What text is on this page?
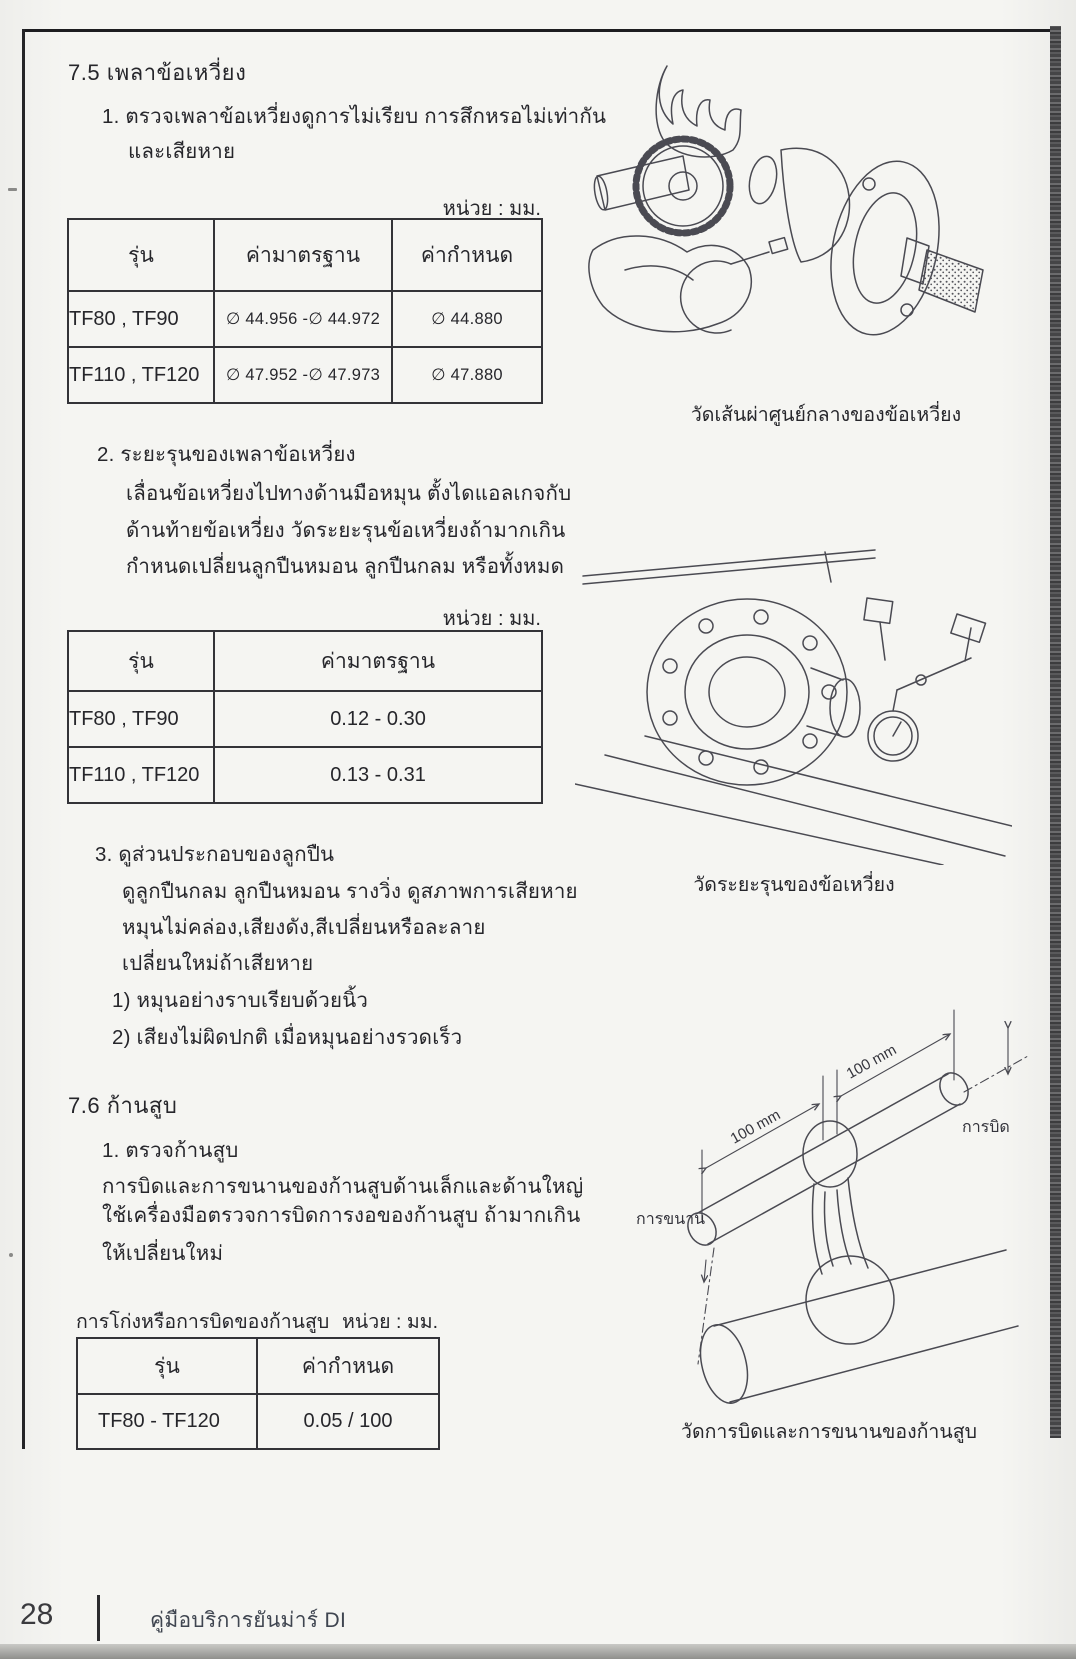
7.5 เพลาข้อเหวี่ยง
1. ตรวจเพลาข้อเหวี่ยงดูการไม่เรียบ การสึกหรอไม่เท่ากัน
และเสียหาย
หน่วย : มม.
รุ่น	ค่ามาตรฐาน	ค่ากำหนด
TF80 , TF90	∅ 44.956 -∅ 44.972	∅ 44.880
TF110 , TF120	∅ 47.952 -∅ 47.973	∅ 47.880
2. ระยะรุนของเพลาข้อเหวี่ยง
เลื่อนข้อเหวี่ยงไปทางด้านมือหมุน ตั้งไดแอลเกจกับ
ด้านท้ายข้อเหวี่ยง วัดระยะรุนข้อเหวี่ยงถ้ามากเกิน
กำหนดเปลี่ยนลูกปืนหมอน ลูกปืนกลม หรือทั้งหมด
หน่วย : มม.
รุ่น	ค่ามาตรฐาน
TF80 , TF90	0.12 - 0.30
TF110 , TF120	0.13 - 0.31
3. ดูส่วนประกอบของลูกปืน
ดูลูกปืนกลม ลูกปืนหมอน รางวิ่ง ดูสภาพการเสียหาย
หมุนไม่คล่อง,เสียงดัง,สีเปลี่ยนหรือละลาย
เปลี่ยนใหม่ถ้าเสียหาย
1) หมุนอย่างราบเรียบด้วยนิ้ว
2) เสียงไม่ผิดปกติ เมื่อหมุนอย่างรวดเร็ว
7.6 ก้านสูบ
1. ตรวจก้านสูบ
การบิดและการขนานของก้านสูบด้านเล็กและด้านใหญ่
ใช้เครื่องมือตรวจการบิดการงอของก้านสูบ ถ้ามากเกิน
ให้เปลี่ยนใหม่
การโก่งหรือการบิดของก้านสูบ หน่วย : มม.
รุ่น	ค่ากำหนด
TF80 - TF120	0.05 / 100
วัดเส้นผ่าศูนย์กลางของข้อเหวี่ยง
วัดระยะรุนของข้อเหวี่ยง
100 mm
100 mm
การบิด
การขนาน
วัดการบิดและการขนานของก้านสูบ
28	คู่มือบริการยันม่าร์ DI
